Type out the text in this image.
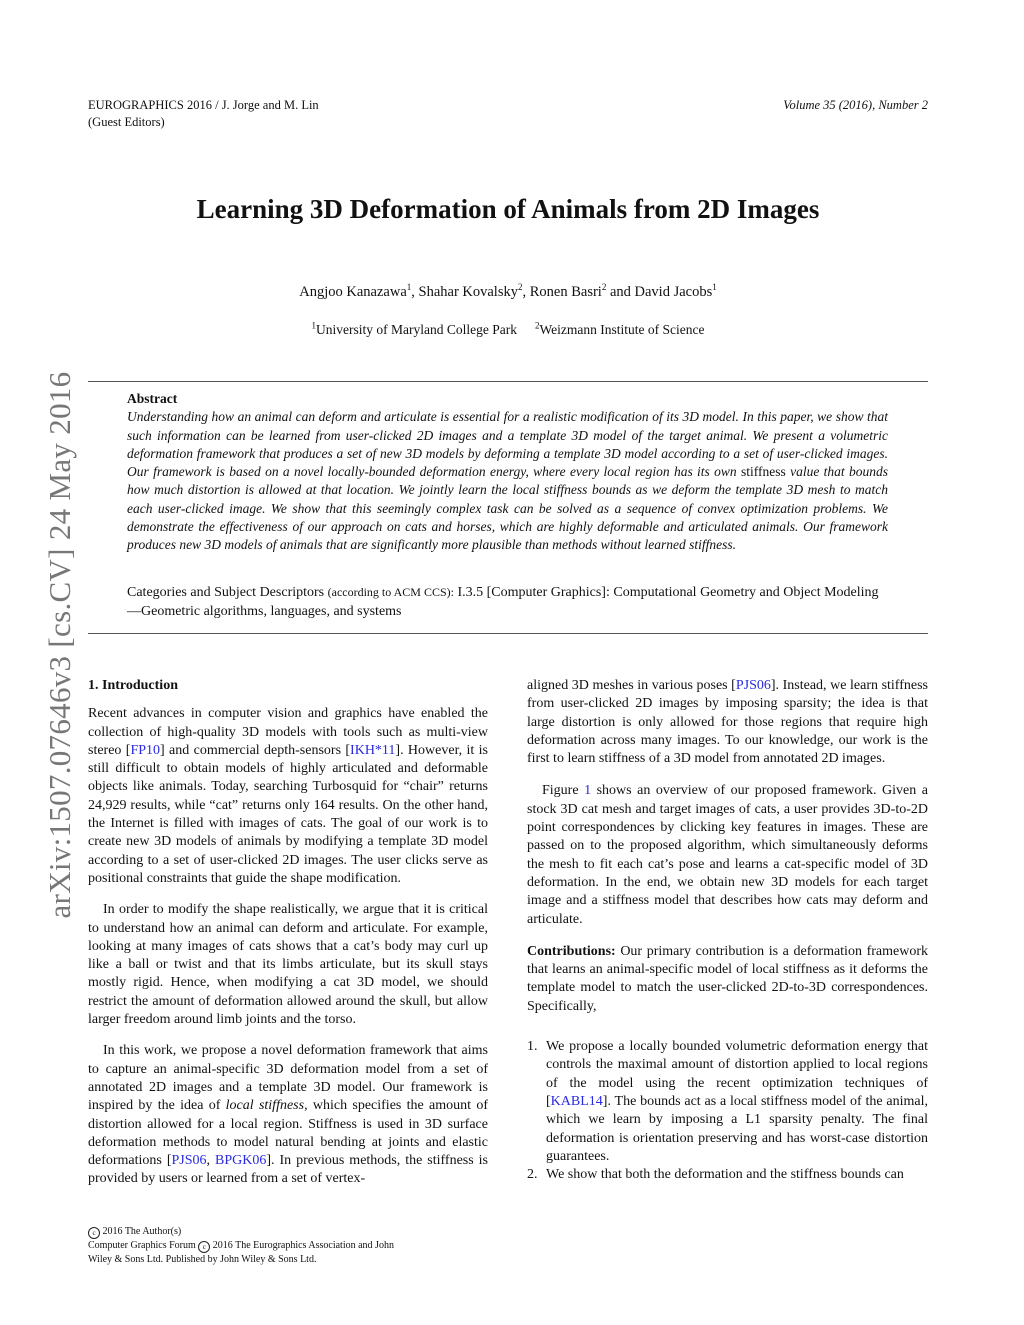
EUROGRAPHICS 2016 / J. Jorge and M. Lin
(Guest Editors)
Volume 35 (2016), Number 2
arXiv:1507.07646v3 [cs.CV] 24 May 2016
Learning 3D Deformation of Animals from 2D Images
Angjoo Kanazawa$^1$, Shahar Kovalsky$^2$, Ronen Basri$^2$ and David Jacobs$^1$
$^1$University of Maryland College Park $^2$Weizmann Institute of Science
Abstract
Understanding how an animal can deform and articulate is essential for a realistic modification of its 3D model. In this paper, we show that such information can be learned from user-clicked 2D images and a template 3D model of the target animal. We present a volumetric deformation framework that produces a set of new 3D models by deforming a template 3D model according to a set of user-clicked images. Our framework is based on a novel locally-bounded deformation energy, where every local region has its own stiffness value that bounds how much distortion is allowed at that location. We jointly learn the local stiffness bounds as we deform the template 3D mesh to match each user-clicked image. We show that this seemingly complex task can be solved as a sequence of convex optimization problems. We demonstrate the effectiveness of our approach on cats and horses, which are highly deformable and articulated animals. Our framework produces new 3D models of animals that are significantly more plausible than methods without learned stiffness.
Categories and Subject Descriptors (according to ACM CCS): I.3.5 [Computer Graphics]: Computational Geometry and Object Modeling—Geometric algorithms, languages, and systems

1. Introduction

Recent advances in computer vision and graphics have enabled the collection of high-quality 3D models with tools such as multi-view stereo [FP10] and commercial depth-sensors [IKH*11]. However, it is still difficult to obtain models of highly articulated and deformable objects like animals. Today, searching Turbosquid for “chair” returns 24,929 results, while “cat” returns only 164 results. On the other hand, the Internet is filled with images of cats. The goal of our work is to create new 3D models of animals by modifying a template 3D model according to a set of user-clicked 2D images. The user clicks serve as positional constraints that guide the shape modification.

In order to modify the shape realistically, we argue that it is critical to understand how an animal can deform and articulate. For example, looking at many images of cats shows that a cat’s body may curl up like a ball or twist and that its limbs articulate, but its skull stays mostly rigid. Hence, when modifying a cat 3D model, we should restrict the amount of deformation allowed around the skull, but allow larger freedom around limb joints and the torso.

In this work, we propose a novel deformation framework that aims to capture an animal-specific 3D deformation model from a set of annotated 2D images and a template 3D model. Our framework is inspired by the idea of local stiffness, which specifies the amount of distortion allowed for a local region. Stiffness is used in 3D surface deformation methods to model natural bending at joints and elastic deformations [PJS06, BPGK06]. In previous methods, the stiffness is provided by users or learned from a set of vertex-

aligned 3D meshes in various poses [PJS06]. Instead, we learn stiffness from user-clicked 2D images by imposing sparsity; the idea is that large distortion is only allowed for those regions that require high deformation across many images. To our knowledge, our work is the first to learn stiffness of a 3D model from annotated 2D images.

Figure 1 shows an overview of our proposed framework. Given a stock 3D cat mesh and target images of cats, a user provides 3D-to-2D point correspondences by clicking key features in images. These are passed on to the proposed algorithm, which simultaneously deforms the mesh to fit each cat’s pose and learns a cat-specific model of 3D deformation. In the end, we obtain new 3D models for each target image and a stiffness model that describes how cats may deform and articulate.

Contributions: Our primary contribution is a deformation framework that learns an animal-specific model of local stiffness as it deforms the template model to match the user-clicked 2D-to-3D correspondences. Specifically,

1. We propose a locally bounded volumetric deformation energy that controls the maximal amount of distortion applied to local regions of the model using the recent optimization techniques of [KABL14]. The bounds act as a local stiffness model of the animal, which we learn by imposing a L1 sparsity penalty. The final deformation is orientation preserving and has worst-case distortion guarantees.
2. We show that both the deformation and the stiffness bounds can
c 2016 The Author(s)
Computer Graphics Forum c 2016 The Eurographics Association and John Wiley & Sons Ltd. Published by John Wiley & Sons Ltd.
